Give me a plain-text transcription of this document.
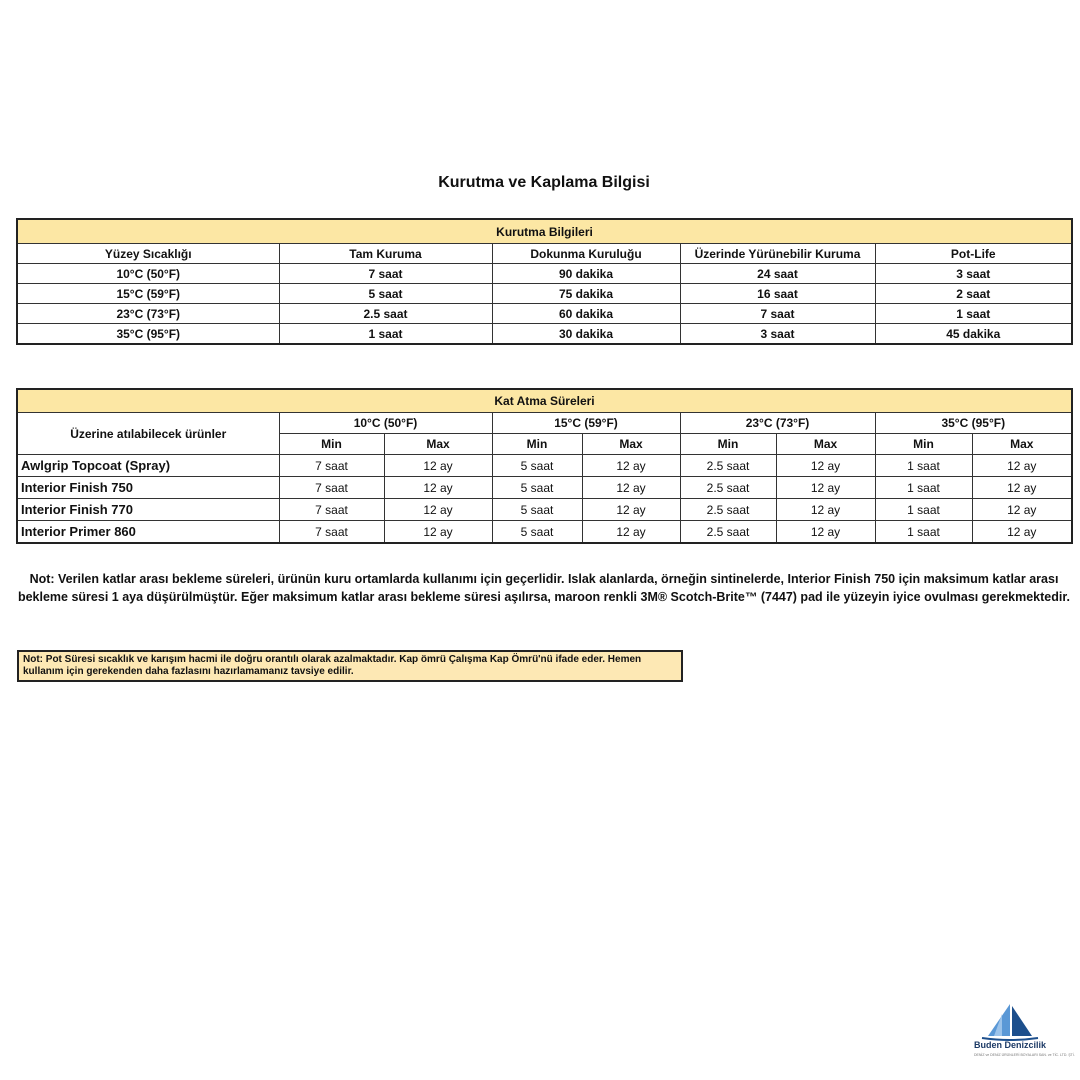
Kurutma ve Kaplama Bilgisi
Kurutma Bilgileri				
Yüzey Sıcaklığı	Tam Kuruma	Dokunma Kuruluğu	Üzerinde Yürünebilir Kuruma	Pot-Life
10°C (50°F)	7 saat	90 dakika	24 saat	3 saat
15°C (59°F)	5 saat	75 dakika	16 saat	2 saat
23°C (73°F)	2.5 saat	60 dakika	7 saat	1 saat
35°C (95°F)	1 saat	30 dakika	3 saat	45 dakika
Kat Atma Süreleri								
Üzerine atılabilecek ürünler	10°C (50°F)		15°C (59°F)		23°C (73°F)		35°C (95°F)	
	Min	Max	Min	Max	Min	Max	Min	Max
Awlgrip Topcoat (Spray)	7 saat	12 ay	5 saat	12 ay	2.5 saat	12 ay	1 saat	12 ay
Interior Finish 750	7 saat	12 ay	5 saat	12 ay	2.5 saat	12 ay	1 saat	12 ay
Interior Finish 770	7 saat	12 ay	5 saat	12 ay	2.5 saat	12 ay	1 saat	12 ay
Interior Primer 860	7 saat	12 ay	5 saat	12 ay	2.5 saat	12 ay	1 saat	12 ay
Not: Verilen katlar arası bekleme süreleri, ürünün kuru ortamlarda kullanımı için geçerlidir. Islak alanlarda, örneğin sintinelerde, Interior Finish 750 için maksimum katlar arası bekleme süresi 1 aya düşürülmüştür. Eğer maksimum katlar arası bekleme süresi aşılırsa, maroon renkli 3M® Scotch-Brite™ (7447) pad ile yüzeyin iyice ovulması gerekmektedir.
Not: Pot Süresi sıcaklık ve karışım hacmi ile doğru orantılı olarak azalmaktadır. Kap ömrü Çalışma Kap Ömrü'nü ifade eder. Hemen kullanım için gerekenden daha fazlasını hazırlamamanız tavsiye edilir.
Buden Denizcilik
DENİZ ve DENİZ ÜRÜNLERİ BOYALARI SAN. ve TİC. LTD. ŞTİ.
